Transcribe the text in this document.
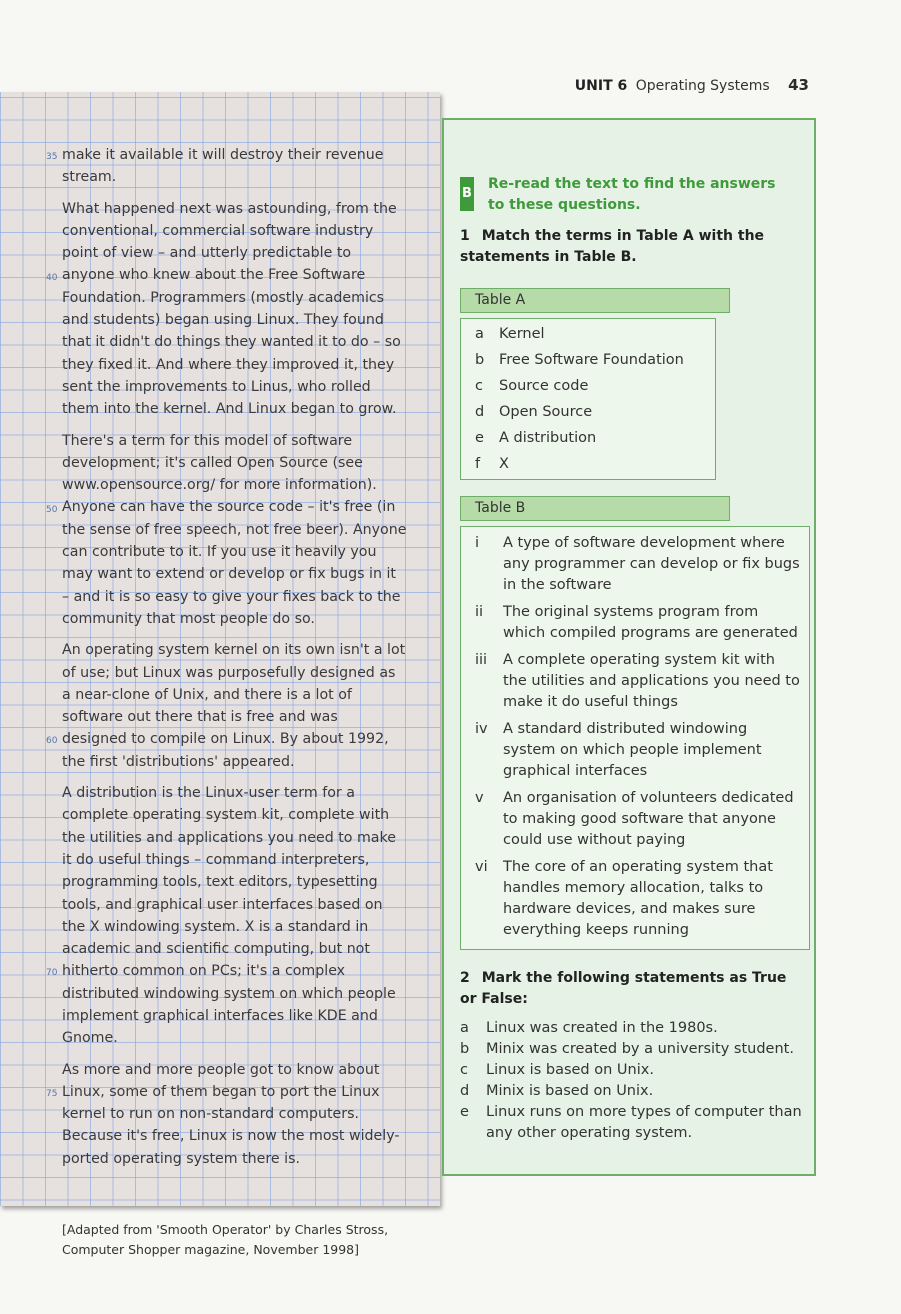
UNIT 6 Operating Systems 43

35 make it available it will destroy their revenue stream.

40
What happened next was astounding, from the conventional, commercial software industry point of view – and utterly predictable to anyone who knew about the Free Software Foundation. Programmers (mostly academics and students) began using Linux. They found that it didn't do things they wanted it to do – so they fixed it. And where they improved it, they sent the improvements to Linus, who rolled them into the kernel. And Linux began to grow.

50
There's a term for this model of software development; it's called Open Source (see www.opensource.org/ for more information). Anyone can have the source code – it's free (in the sense of free speech, not free beer). Anyone can contribute to it. If you use it heavily you may want to extend or develop or fix bugs in it – and it is so easy to give your fixes back to the community that most people do so.

60
An operating system kernel on its own isn't a lot of use; but Linux was purposefully designed as a near-clone of Unix, and there is a lot of software out there that is free and was designed to compile on Linux. By about 1992, the first 'distributions' appeared.

70
A distribution is the Linux-user term for a complete operating system kit, complete with the utilities and applications you need to make it do useful things – command interpreters, programming tools, text editors, typesetting tools, and graphical user interfaces based on the X windowing system. X is a standard in academic and scientific computing, but not hitherto common on PCs; it's a complex distributed windowing system on which people implement graphical interfaces like KDE and Gnome.

75
As more and more people got to know about Linux, some of them began to port the Linux kernel to run on non-standard computers. Because it's free, Linux is now the most widely-ported operating system there is.

[Adapted from 'Smooth Operator' by Charles Stross, Computer Shopper magazine, November 1998]
B
Re-read the text to find the answers to these questions.
1 Match the terms in Table A with the statements in Table B.
Table A
a	Kernel
b	Free Software Foundation
c	Source code
d	Open Source
e	A distribution
f	X
Table B
i	A type of software development where any programmer can develop or fix bugs in the software
ii	The original systems program from which compiled programs are generated
iii	A complete operating system kit with the utilities and applications you need to make it do useful things
iv	A standard distributed windowing system on which people implement graphical interfaces
v	An organisation of volunteers dedicated to making good software that anyone could use without paying
vi	The core of an operating system that handles memory allocation, talks to hardware devices, and makes sure everything keeps running
2 Mark the following statements as True or False:
a	Linux was created in the 1980s.
b	Minix was created by a university student.
c	Linux is based on Unix.
d	Minix is based on Unix.
e	Linux runs on more types of computer than any other operating system.
